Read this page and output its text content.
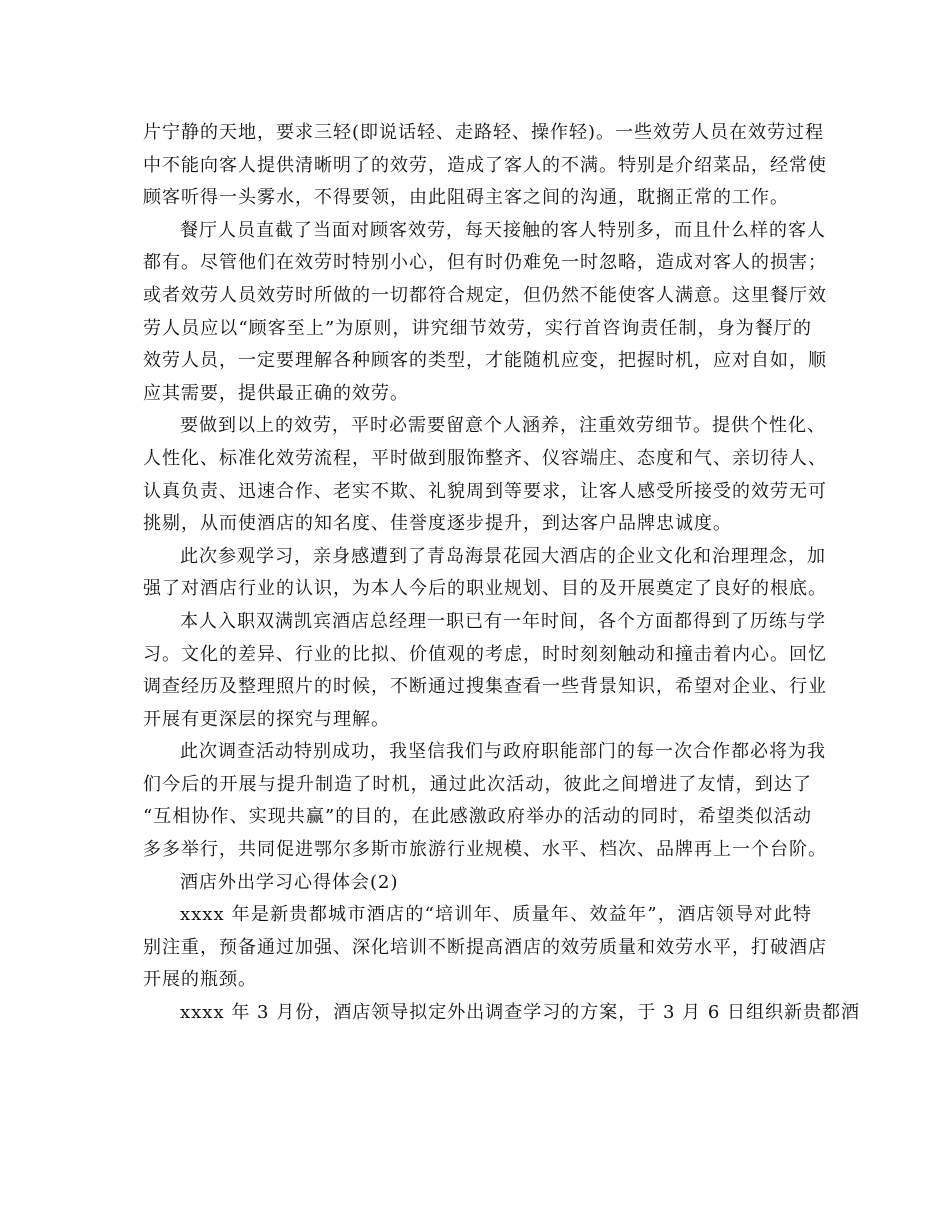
片宁静的天地，要求三轻(即说话轻、走路轻、操作轻)。一些效劳人员在效劳过程
中不能向客人提供清晰明了的效劳，造成了客人的不满。特别是介绍菜品，经常使
顾客听得一头雾水，不得要领，由此阻碍主客之间的沟通，耽搁正常的工作。
餐厅人员直截了当面对顾客效劳，每天接触的客人特别多，而且什么样的客人
都有。尽管他们在效劳时特别小心，但有时仍难免一时忽略，造成对客人的损害；
或者效劳人员效劳时所做的一切都符合规定，但仍然不能使客人满意。这里餐厅效
劳人员应以“顾客至上”为原则，讲究细节效劳，实行首咨询责任制，身为餐厅的
效劳人员，一定要理解各种顾客的类型，才能随机应变，把握时机，应对自如，顺
应其需要，提供最正确的效劳。
要做到以上的效劳，平时必需要留意个人涵养，注重效劳细节。提供个性化、
人性化、标准化效劳流程，平时做到服饰整齐、仪容端庄、态度和气、亲切待人、
认真负责、迅速合作、老实不欺、礼貌周到等要求，让客人感受所接受的效劳无可
挑剔，从而使酒店的知名度、佳誉度逐步提升，到达客户品牌忠诚度。
此次参观学习，亲身感遭到了青岛海景花园大酒店的企业文化和治理理念，加
强了对酒店行业的认识，为本人今后的职业规划、目的及开展奠定了良好的根底。
本人入职双满凯宾酒店总经理一职已有一年时间，各个方面都得到了历练与学
习。文化的差异、行业的比拟、价值观的考虑，时时刻刻触动和撞击着内心。回忆
调查经历及整理照片的时候，不断通过搜集查看一些背景知识，希望对企业、行业
开展有更深层的探究与理解。
此次调查活动特别成功，我坚信我们与政府职能部门的每一次合作都必将为我
们今后的开展与提升制造了时机，通过此次活动，彼此之间增进了友情，到达了
“互相协作、实现共赢”的目的，在此感激政府举办的活动的同时，希望类似活动
多多举行，共同促进鄂尔多斯市旅游行业规模、水平、档次、品牌再上一个台阶。
酒店外出学习心得体会(2)
xxxx 年是新贵都城市酒店的“培训年、质量年、效益年”，酒店领导对此特
别注重，预备通过加强、深化培训不断提高酒店的效劳质量和效劳水平，打破酒店
开展的瓶颈。
xxxx 年 3 月份，酒店领导拟定外出调查学习的方案，于 3 月 6 日组织新贵都酒
